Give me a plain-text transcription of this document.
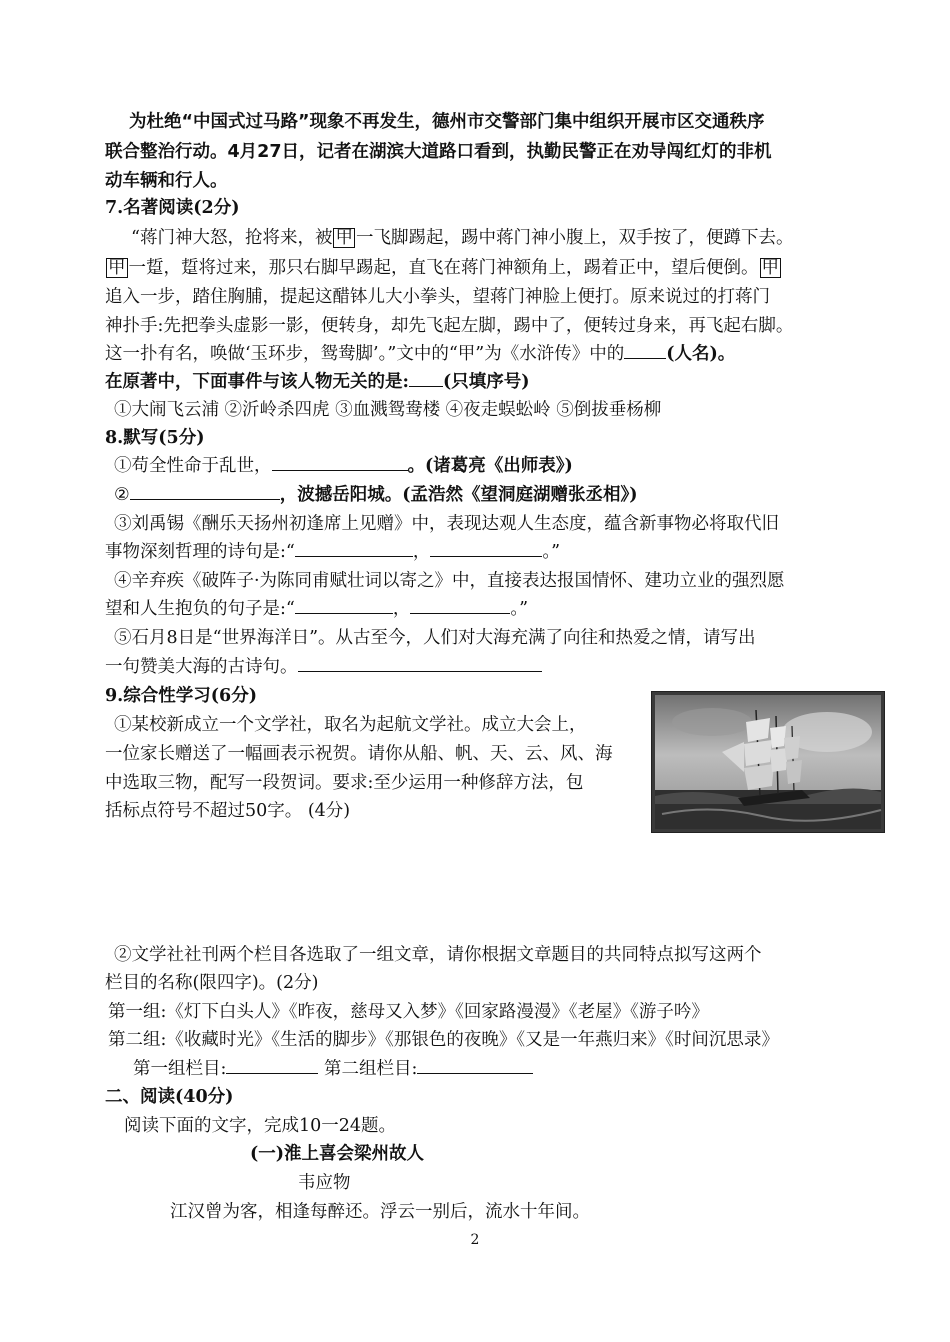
为杜绝“中国式过马路”现象不再发生，德州市交警部门集中组织开展市区交通秩序
联合整治行动。4月27日，记者在湖滨大道路口看到，执勤民警正在劝导闯红灯的非机
动车辆和行人。
7.名著阅读(2分)
“蒋门神大怒，抢将来，被 甲 一飞脚踢起，踢中蒋门神小腹上，双手按了，便蹲下去。
甲 一踅，踅将过来，那只右脚早踢起，直飞在蒋门神额角上，踢着正中，望后便倒。 甲
追入一步，踏住胸脯，提起这醋钵儿大小拳头，望蒋门神脸上便打。原来说过的打蒋门
神扑手:先把拳头虚影一影，便转身，却先飞起左脚，踢中了，便转过身来，再飞起右脚。
这一扑有名，唤做‘玉环步，鸳鸯脚’。”文中的“甲”为《水浒传》中的 (人名)。
在原著中，下面事件与该人物无关的是: (只填序号)
①大闹飞云浦 ②沂岭杀四虎 ③血溅鸳鸯楼 ④夜走蜈蚣岭 ⑤倒拔垂杨柳
8.默写(5分)
①苟全性命于乱世，	。(诸葛亮《出师表》)
②	，波撼岳阳城。(孟浩然《望洞庭湖赠张丞相》)
③刘禹锡《酬乐天扬州初逢席上见赠》中，表现达观人生态度，蕴含新事物必将取代旧
事物深刻哲理的诗句是:“	，	。”
④辛弃疾《破阵子·为陈同甫赋壮词以寄之》中，直接表达报国情怀、建功立业的强烈愿
望和人生抱负的句子是:“	，	。”
⑤石月8日是“世界海洋日”。从古至今，人们对大海充满了向往和热爱之情，请写出
一句赞美大海的古诗句。
9.综合性学习(6分)
①某校新成立一个文学社，取名为起航文学社。成立大会上，
一位家长赠送了一幅画表示祝贺。请你从船、帆、天、云、风、海
中选取三物，配写一段贺词。要求:至少运用一种修辞方法，包
括标点符号不超过50字。 (4分)
②文学社社刊两个栏目各选取了一组文章，请你根据文章题目的共同特点拟写这两个
栏目的名称(限四字)。(2分)
第一组:《灯下白头人》《昨夜，慈母又入梦》《回家路漫漫》《老屋》《游子吟》
第二组:《收藏时光》《生活的脚步》《那银色的夜晚》《又是一年燕归来》《时间沉思录》
第一组栏目:	第二组栏目:
二、阅读(40分)
阅读下面的文字，完成10一24题。
(一)淮上喜会梁州故人
韦应物
江汉曾为客，相逢每醉还。浮云一别后，流水十年间。
2
